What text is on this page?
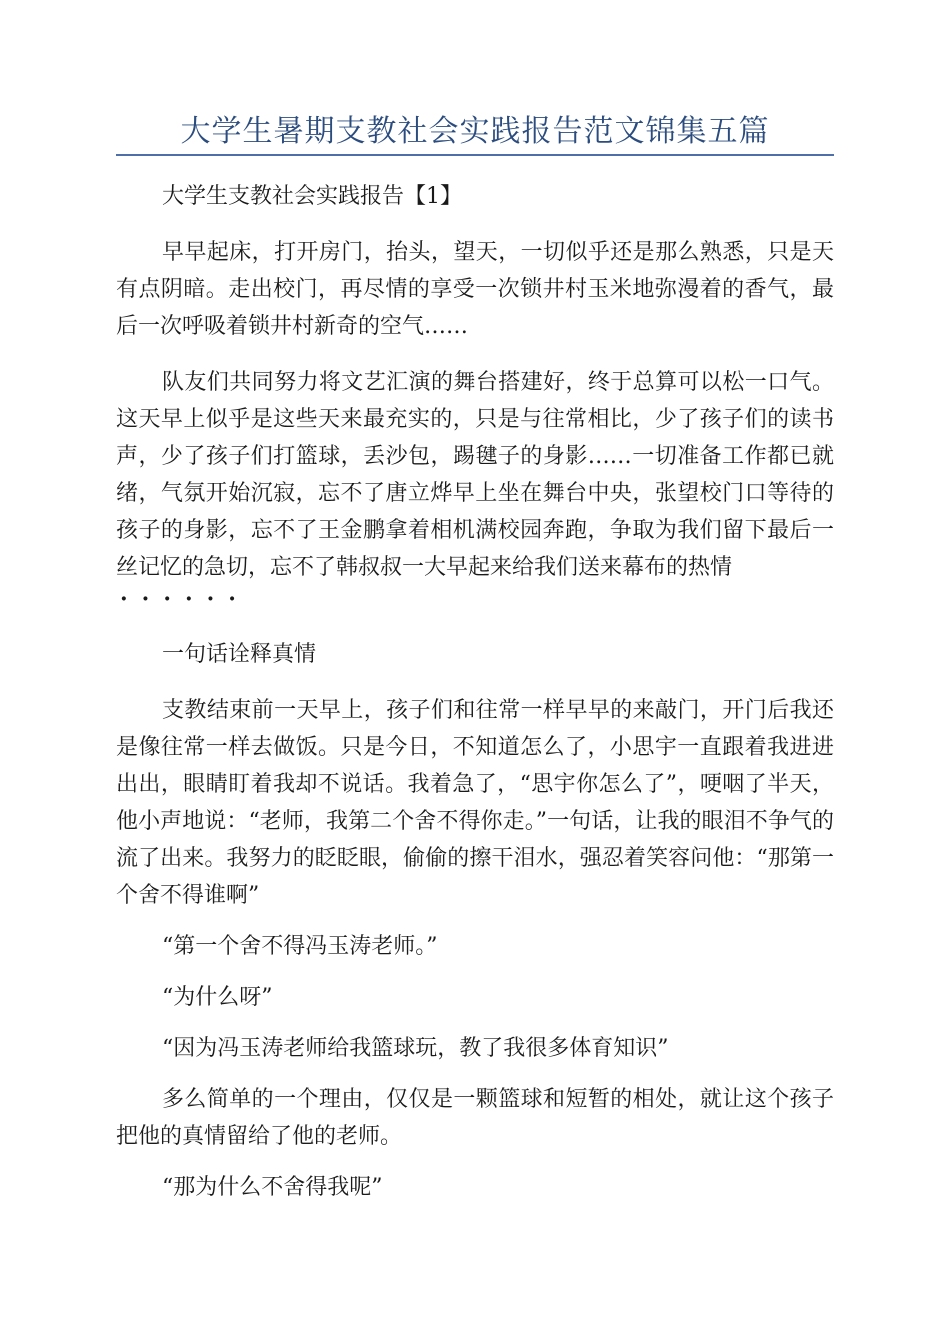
大学生暑期支教社会实践报告范文锦集五篇

大学生支教社会实践报告【1】

早早起床，打开房门，抬头，望天，一切似乎还是那么熟悉，只是天有点阴暗。走出校门，再尽情的享受一次锁井村玉米地弥漫着的香气，最后一次呼吸着锁井村新奇的空气……

队友们共同努力将文艺汇演的舞台搭建好，终于总算可以松一口气。这天早上似乎是这些天来最充实的，只是与往常相比，少了孩子们的读书声，少了孩子们打篮球，丢沙包，踢毽子的身影……一切准备工作都已就绪，气氛开始沉寂，忘不了唐立烨早上坐在舞台中央，张望校门口等待的孩子的身影，忘不了王金鹏拿着相机满校园奔跑，争取为我们留下最后一丝记忆的急切，忘不了韩叔叔一大早起来给我们送来幕布的热情

······

一句话诠释真情

支教结束前一天早上，孩子们和往常一样早早的来敲门，开门后我还是像往常一样去做饭。只是今日，不知道怎么了，小思宇一直跟着我进进出出，眼睛盯着我却不说话。我着急了，“思宇你怎么了”，哽咽了半天，他小声地说：“老师，我第二个舍不得你走。”一句话，让我的眼泪不争气的流了出来。我努力的眨眨眼，偷偷的擦干泪水，强忍着笑容问他：“那第一个舍不得谁啊”

“第一个舍不得冯玉涛老师。”

“为什么呀”

“因为冯玉涛老师给我篮球玩，教了我很多体育知识”

多么简单的一个理由，仅仅是一颗篮球和短暂的相处，就让这个孩子把他的真情留给了他的老师。

“那为什么不舍得我呢”
